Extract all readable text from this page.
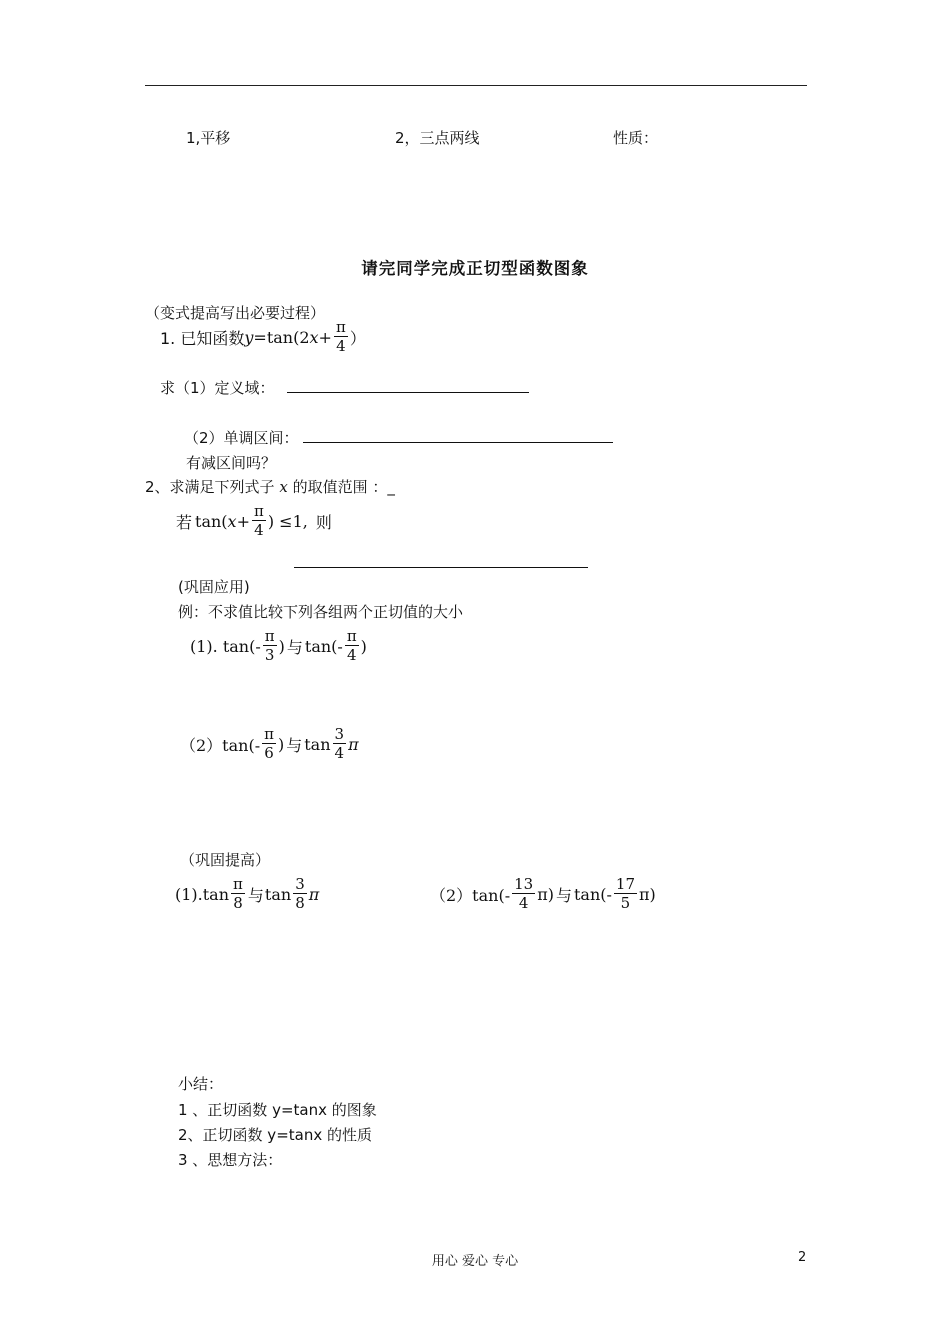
1,平移	2，三点两线	性质：
请完同学完成正切型函数图象
（变式提高写出必要过程）
1. 已知函数 y =tan(2 $x + \frac{\pi}{4}$ ）
求（1）定义域：
（2）单调区间：
有减区间吗？
2、求满足下列式子 x 的取值范围 ：_
若 tan( $x + \frac{\pi}{4}$ ) ≤1, 则
(巩固应用)
例：不求值比较下列各组两个正切值的大小
(1). $\tan(- \frac{\pi}{3}$ ) 与 $\tan(- \frac{\pi}{4}$ )
$(2)\tan(- \frac{\pi}{6}$ ) 与 $\tan \frac{3}{4}$ π
（巩固提高）
$(1).\tan \frac{\pi}{8}$ 与 $\tan \frac{3}{8}$ π	$(2)\tan(- \frac{13}{4} \pi)$ 与 $\tan(- \frac{17}{5} \pi)$
小结：
1 、正切函数 y=tanx 的图象
2、正切函数 y=tanx 的性质
3 、思想方法：
用心 爱心 专心	2
